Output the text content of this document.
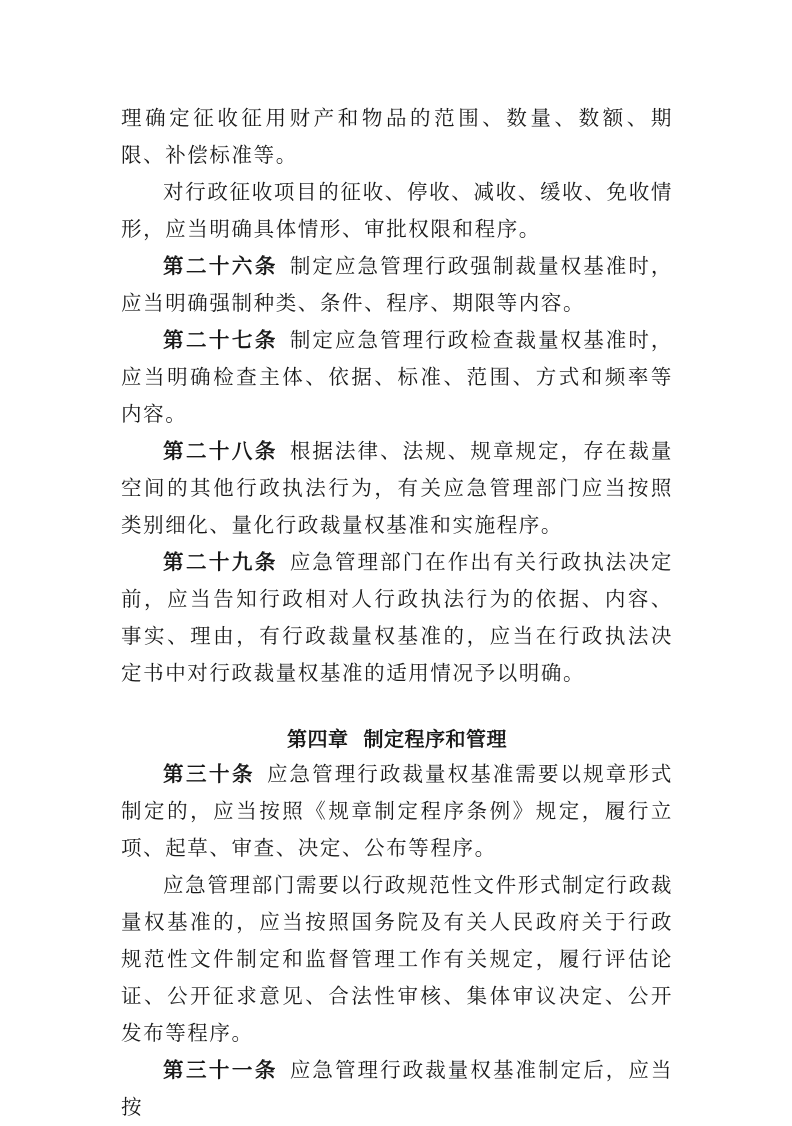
理确定征收征用财产和物品的范围、数量、数额、期限、补偿标准等。

对行政征收项目的征收、停收、减收、缓收、免收情形，应当明确具体情形、审批权限和程序。

第二十六条 制定应急管理行政强制裁量权基准时，应当明确强制种类、条件、程序、期限等内容。

第二十七条 制定应急管理行政检查裁量权基准时，应当明确检查主体、依据、标准、范围、方式和频率等内容。

第二十八条 根据法律、法规、规章规定，存在裁量空间的其他行政执法行为，有关应急管理部门应当按照类别细化、量化行政裁量权基准和实施程序。

第二十九条 应急管理部门在作出有关行政执法决定前，应当告知行政相对人行政执法行为的依据、内容、事实、理由，有行政裁量权基准的，应当在行政执法决定书中对行政裁量权基准的适用情况予以明确。

第四章 制定程序和管理

第三十条 应急管理行政裁量权基准需要以规章形式制定的，应当按照《规章制定程序条例》规定，履行立项、起草、审查、决定、公布等程序。

应急管理部门需要以行政规范性文件形式制定行政裁量权基准的，应当按照国务院及有关人民政府关于行政规范性文件制定和监督管理工作有关规定，履行评估论证、公开征求意见、合法性审核、集体审议决定、公开发布等程序。

第三十一条 应急管理行政裁量权基准制定后，应当按
